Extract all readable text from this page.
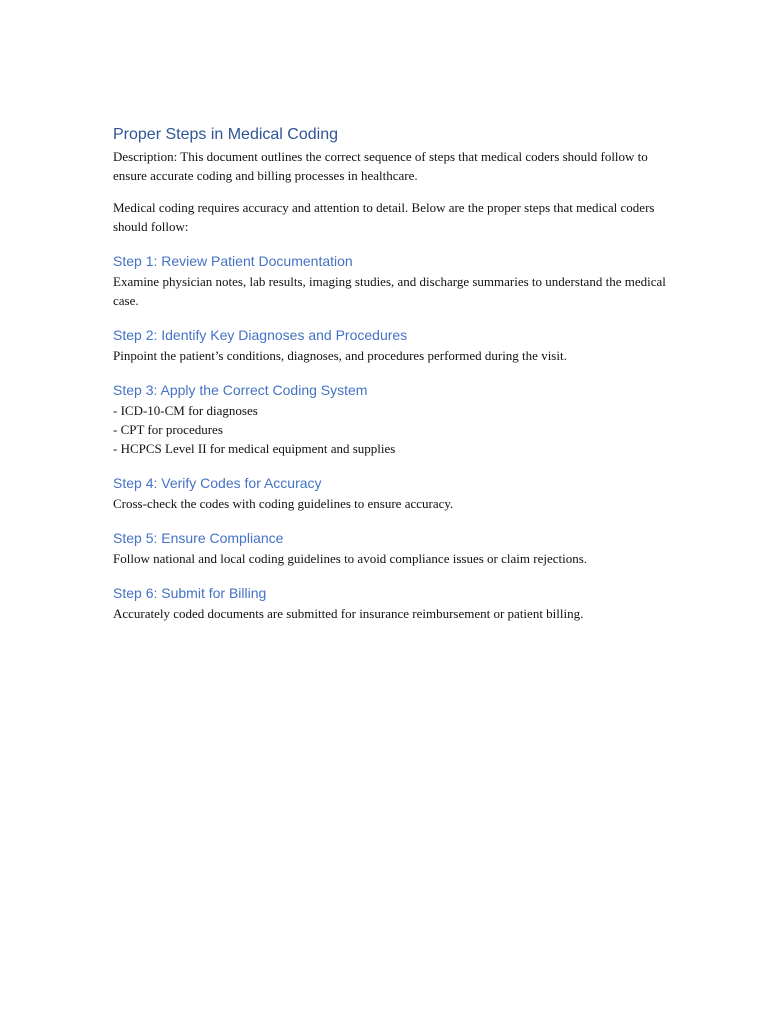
Proper Steps in Medical Coding

Description: This document outlines the correct sequence of steps that medical coders should follow to ensure accurate coding and billing processes in healthcare.

Medical coding requires accuracy and attention to detail. Below are the proper steps that medical coders should follow:

Step 1: Review Patient Documentation

Examine physician notes, lab results, imaging studies, and discharge summaries to understand the medical case.

Step 2: Identify Key Diagnoses and Procedures

Pinpoint the patient’s conditions, diagnoses, and procedures performed during the visit.

Step 3: Apply the Correct Coding System
- ICD-10-CM for diagnoses
- CPT for procedures
- HCPCS Level II for medical equipment and supplies
Step 4: Verify Codes for Accuracy

Cross-check the codes with coding guidelines to ensure accuracy.

Step 5: Ensure Compliance

Follow national and local coding guidelines to avoid compliance issues or claim rejections.

Step 6: Submit for Billing

Accurately coded documents are submitted for insurance reimbursement or patient billing.
